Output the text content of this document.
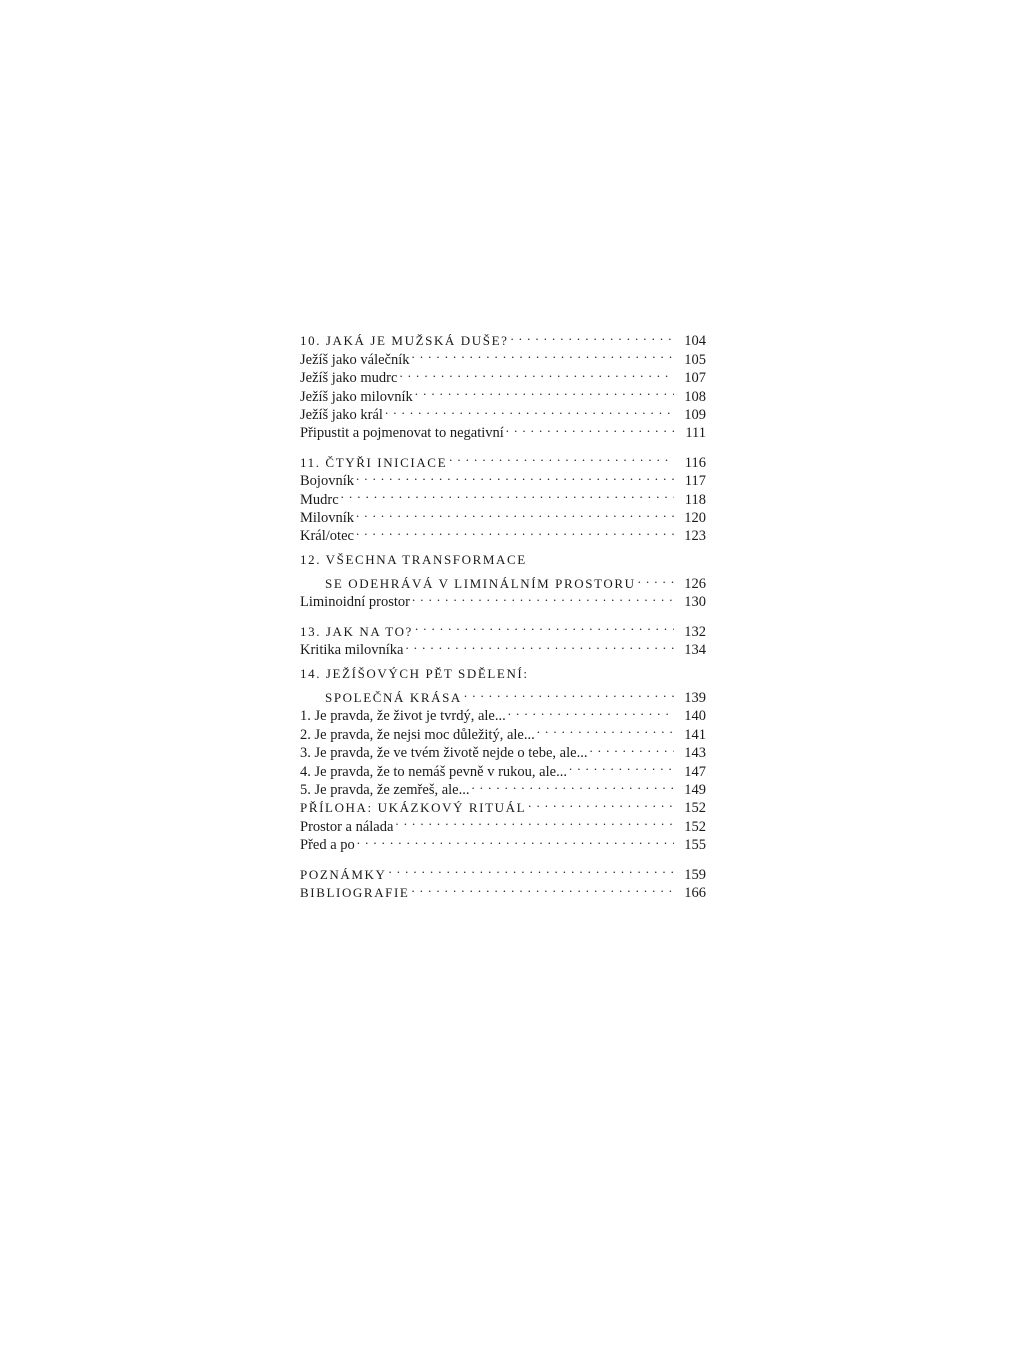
10. JAKÁ JE MUŽSKÁ DUŠE? . . .	104
Ježíš jako válečník . . .	105
Ježíš jako mudrc . . .	107
Ježíš jako milovník . . .	108
Ježíš jako král . . .	109
Připustit a pojmenovat to negativní . . .	111
11. ČTYŘI INICIACE . . .	116
Bojovník . . .	117
Mudrc . . .	118
Milovník . . .	120
Král/otec . . .	123
12. VŠECHNA TRANSFORMACE
SE ODEHRÁVÁ V LIMINÁLNÍM PROSTORU . . .	126
Liminoidní prostor . . .	130
13. JAK NA TO? . . .	132
Kritika milovníka . . .	134
14. JEŽÍŠOVÝCH PĚT SDĚLENÍ:
SPOLEČNÁ KRÁSA . . .	139
1. Je pravda, že život je tvrdý, ale... . . .	140
2. Je pravda, že nejsi moc důležitý, ale... . . .	141
3. Je pravda, že ve tvém životě nejde o tebe, ale... . . .	143
4. Je pravda, že to nemáš pevně v rukou, ale... . . .	147
5. Je pravda, že zemřeš, ale... . . .	149
PŘÍLOHA: UKÁZKOVÝ RITUÁL . . .	152
Prostor a nálada . . .	152
Před a po . . .	155
POZNÁMKY . . .	159
BIBLIOGRAFIE . . .	166
